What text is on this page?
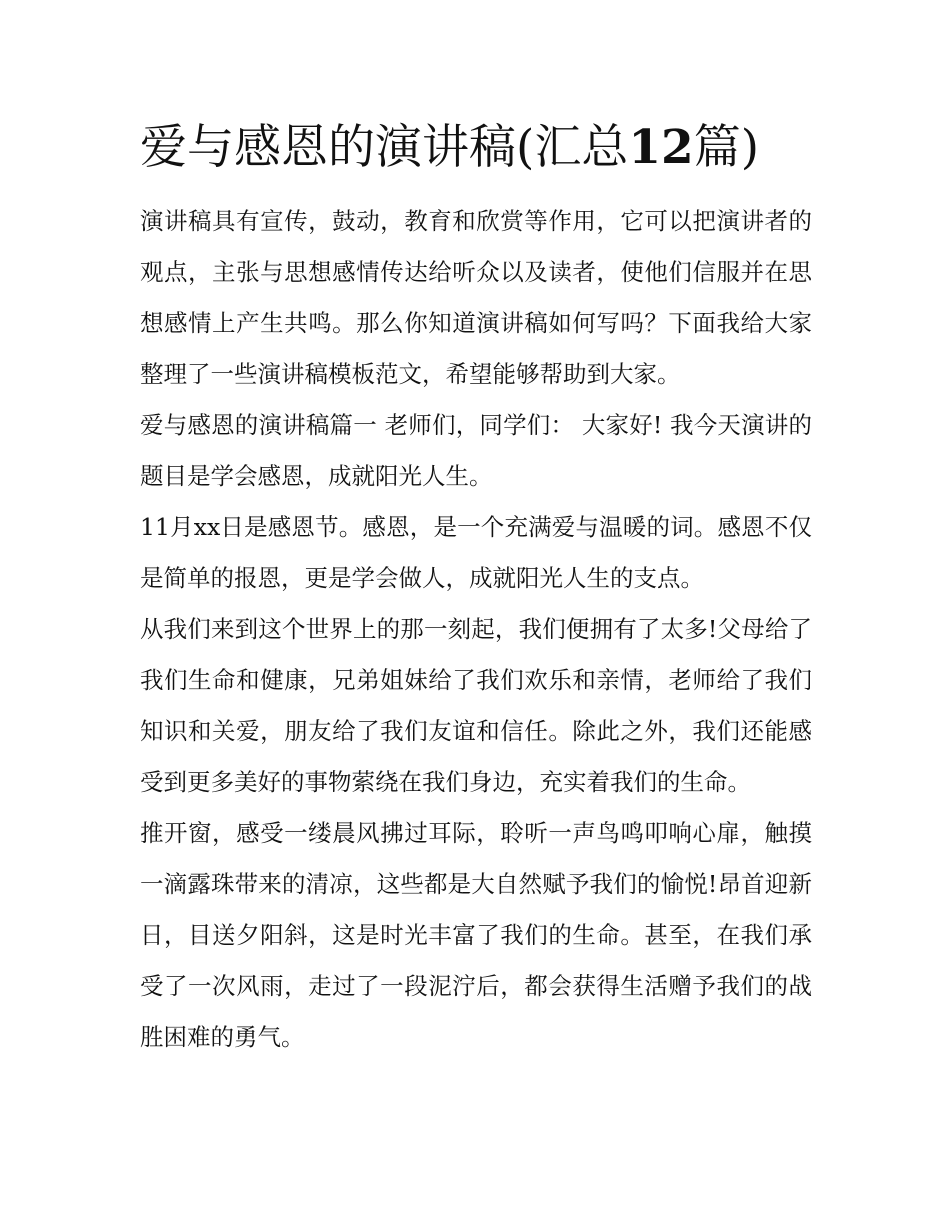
爱与感恩的演讲稿(汇总12篇)

演讲稿具有宣传，鼓动，教育和欣赏等作用，它可以把演讲者的观点，主张与思想感情传达给听众以及读者，使他们信服并在思想感情上产生共鸣。那么你知道演讲稿如何写吗？下面我给大家整理了一些演讲稿模板范文，希望能够帮助到大家。

爱与感恩的演讲稿篇一 老师们，同学们： 大家好! 我今天演讲的题目是学会感恩，成就阳光人生。

11月xx日是感恩节。感恩，是一个充满爱与温暖的词。感恩不仅是简单的报恩，更是学会做人，成就阳光人生的支点。

从我们来到这个世界上的那一刻起，我们便拥有了太多!父母给了我们生命和健康，兄弟姐妹给了我们欢乐和亲情，老师给了我们知识和关爱，朋友给了我们友谊和信任。除此之外，我们还能感受到更多美好的事物萦绕在我们身边，充实着我们的生命。

推开窗，感受一缕晨风拂过耳际，聆听一声鸟鸣叩响心扉，触摸一滴露珠带来的清凉，这些都是大自然赋予我们的愉悦!昂首迎新日，目送夕阳斜，这是时光丰富了我们的生命。甚至，在我们承受了一次风雨，走过了一段泥泞后，都会获得生活赠予我们的战胜困难的勇气。
